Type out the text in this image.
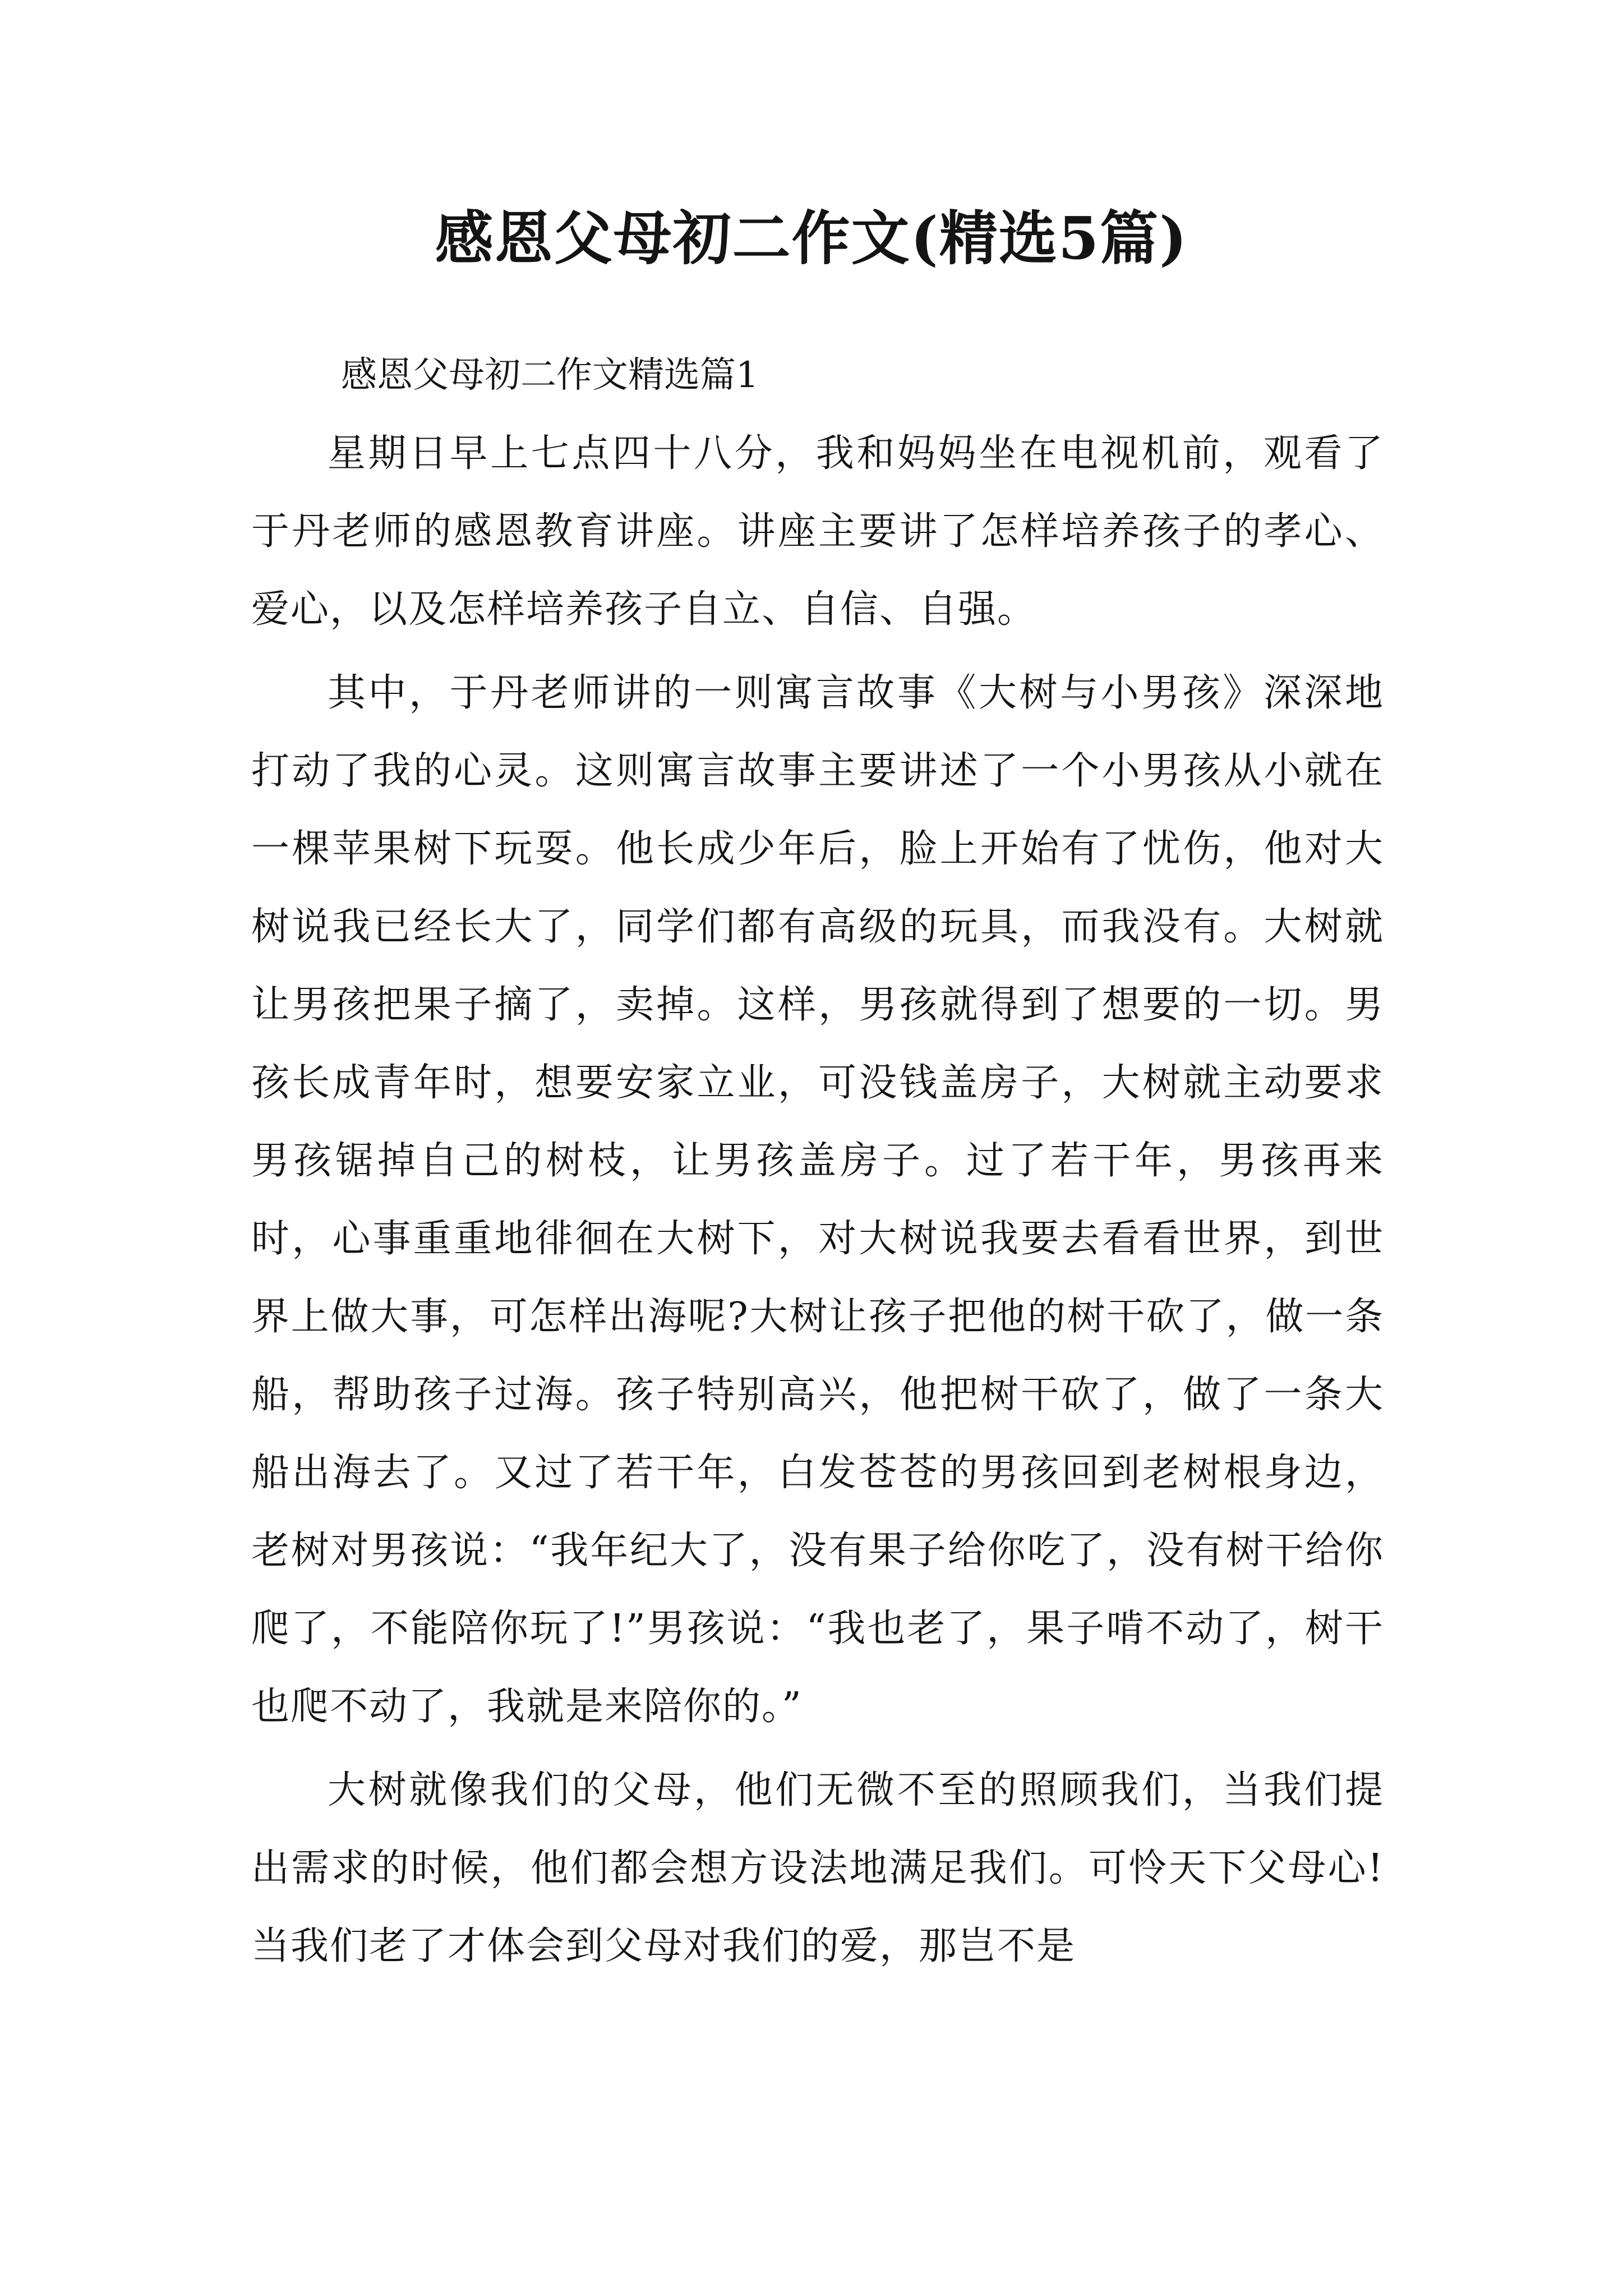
感恩父母初二作文(精选5篇)

感恩父母初二作文精选篇1

星期日早上七点四十八分，我和妈妈坐在电视机前，观看了于丹老师的感恩教育讲座。讲座主要讲了怎样培养孩子的孝心、爱心，以及怎样培养孩子自立、自信、自强。

其中，于丹老师讲的一则寓言故事《大树与小男孩》深深地打动了我的心灵。这则寓言故事主要讲述了一个小男孩从小就在一棵苹果树下玩耍。他长成少年后，脸上开始有了忧伤，他对大树说我已经长大了，同学们都有高级的玩具，而我没有。大树就让男孩把果子摘了，卖掉。这样，男孩就得到了想要的一切。男孩长成青年时，想要安家立业，可没钱盖房子，大树就主动要求男孩锯掉自己的树枝，让男孩盖房子。过了若干年，男孩再来时，心事重重地徘徊在大树下，对大树说我要去看看世界，到世界上做大事，可怎样出海呢?大树让孩子把他的树干砍了，做一条船，帮助孩子过海。孩子特别高兴，他把树干砍了，做了一条大船出海去了。又过了若干年，白发苍苍的男孩回到老树根身边，老树对男孩说：“我年纪大了，没有果子给你吃了，没有树干给你爬了，不能陪你玩了!”男孩说：“我也老了，果子啃不动了，树干也爬不动了，我就是来陪你的。”

大树就像我们的父母，他们无微不至的照顾我们，当我们提出需求的时候，他们都会想方设法地满足我们。可怜天下父母心!当我们老了才体会到父母对我们的爱，那岂不是
